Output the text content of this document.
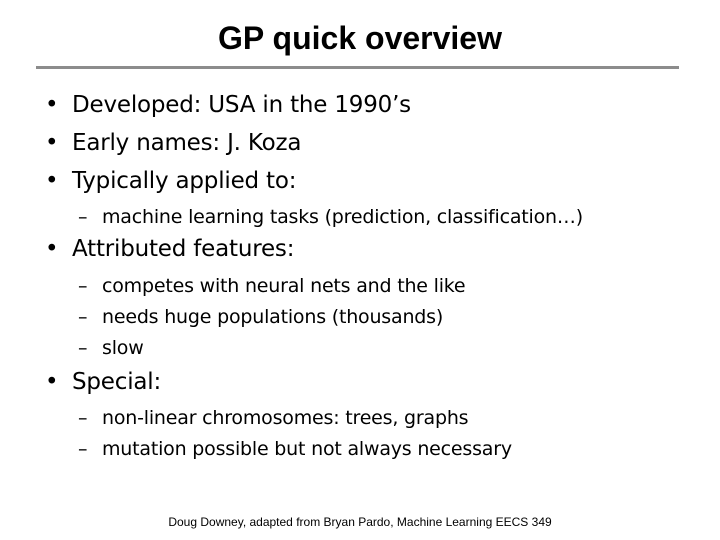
GP quick overview
• Developed: USA in the 1990’s
• Early names: J. Koza
• Typically applied to:
– machine learning tasks (prediction, classification…)
• Attributed features:
– competes with neural nets and the like
– needs huge populations (thousands)
– slow
• Special:
– non-linear chromosomes: trees, graphs
– mutation possible but not always necessary
Doug Downey, adapted from Bryan Pardo, Machine Learning EECS 349
